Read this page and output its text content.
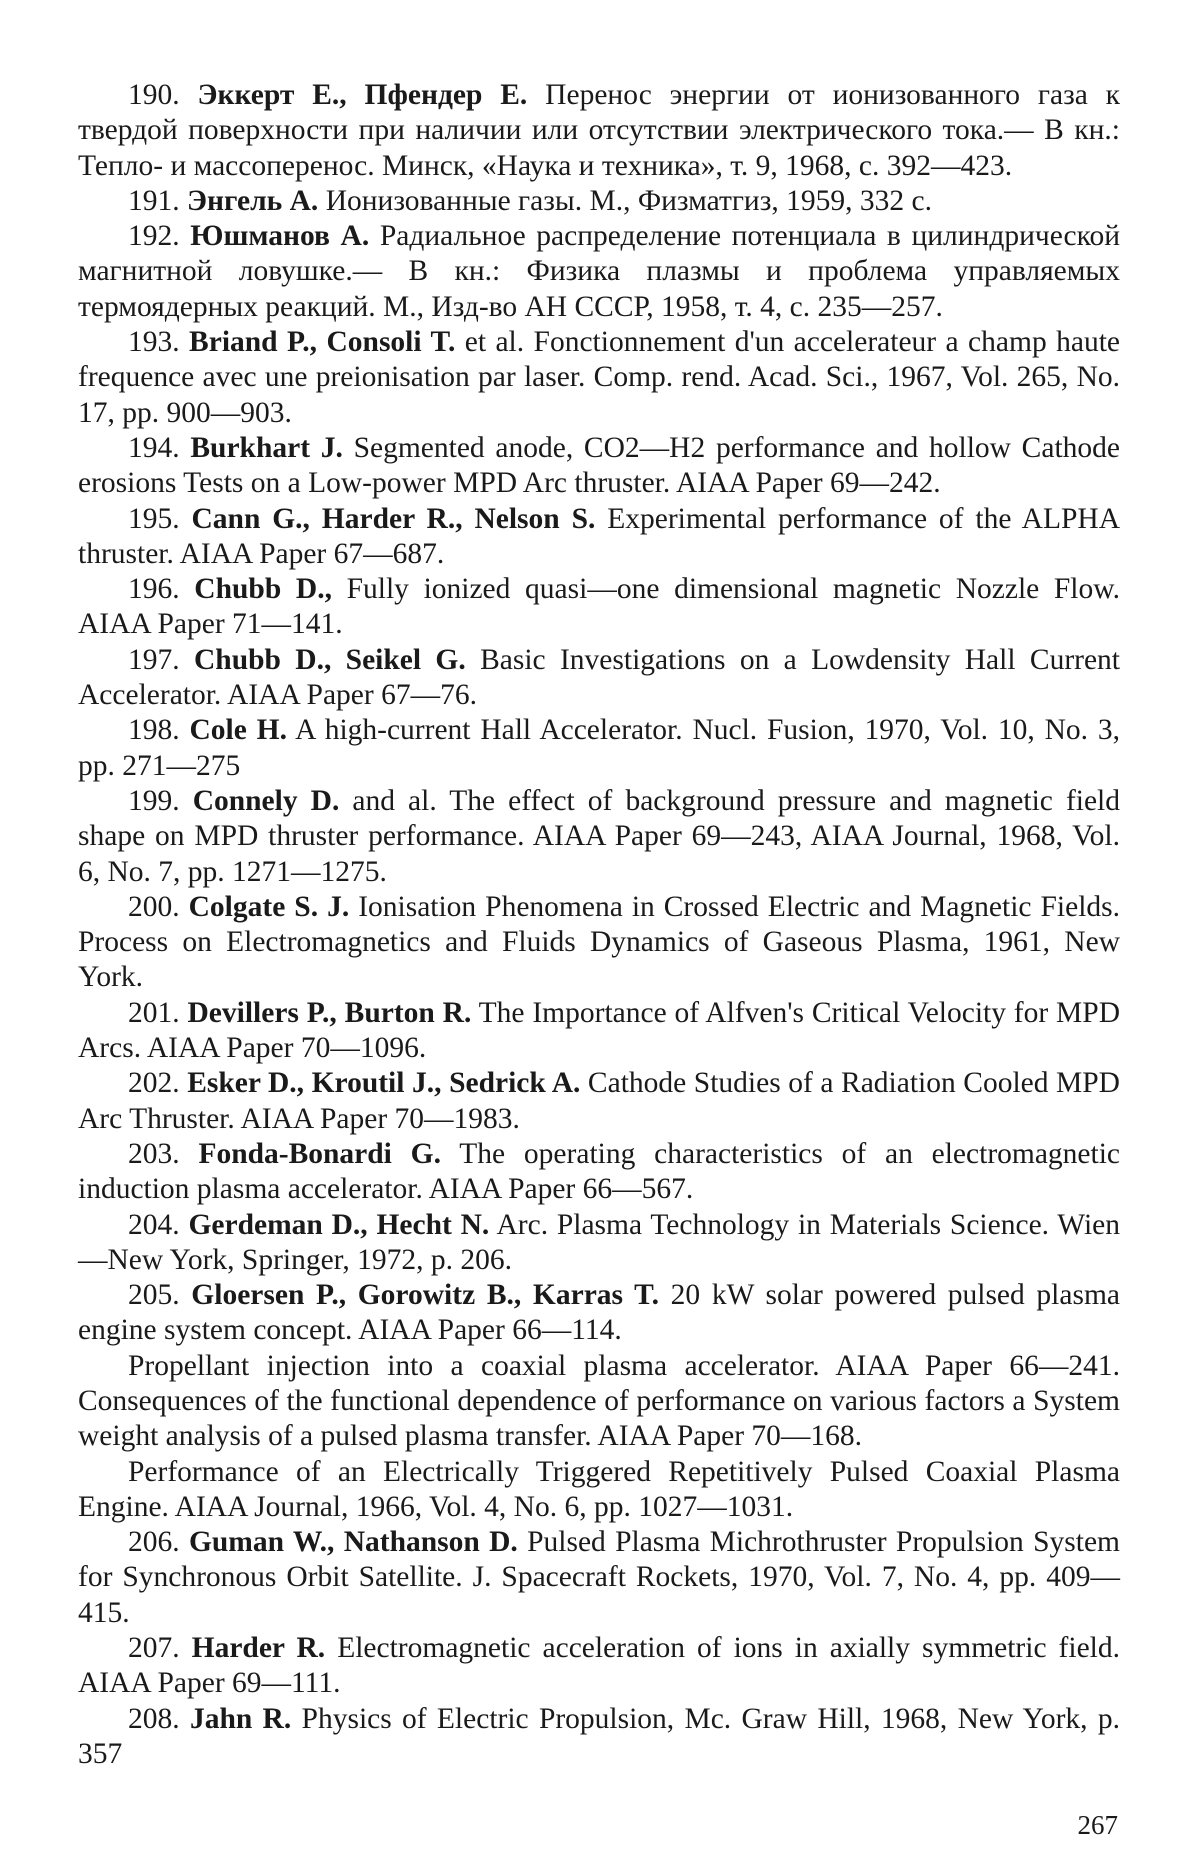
190. Эккерт Е., Пфендер Е. Перенос энергии от ионизованного газа к твердой поверхности при наличии или отсутствии электрического тока.— В кн.: Тепло- и массоперенос. Минск, «Наука и техника», т. 9, 1968, с. 392—423.

191. Энгель А. Ионизованные газы. М., Физматгиз, 1959, 332 с.

192. Юшманов А. Радиальное распределение потенциала в цилиндрической магнитной ловушке.— В кн.: Физика плазмы и проблема управляемых термоядерных реакций. М., Изд-во АН СССР, 1958, т. 4, с. 235—257.

193. Briand P., Consoli T. et al. Fonctionnement d'un accelerateur a champ haute frequence avec une preionisation par laser. Comp. rend. Acad. Sci., 1967, Vol. 265, No. 17, pp. 900—903.

194. Burkhart J. Segmented anode, CO2—H2 performance and hollow Cathode erosions Tests on a Low-power MPD Arc thruster. AIAA Paper 69—242.

195. Cann G., Harder R., Nelson S. Experimental performance of the ALPHA thruster. AIAA Paper 67—687.

196. Chubb D., Fully ionized quasi—one dimensional magnetic Nozzle Flow. AIAA Paper 71—141.

197. Chubb D., Seikel G. Basic Investigations on a Lowdensity Hall Current Accelerator. AIAA Paper 67—76.

198. Cole H. A high-current Hall Accelerator. Nucl. Fusion, 1970, Vol. 10, No. 3, pp. 271—275

199. Connely D. and al. The effect of background pressure and magnetic field shape on MPD thruster performance. AIAA Paper 69—243, AIAA Journal, 1968, Vol. 6, No. 7, pp. 1271—1275.

200. Colgate S. J. Ionisation Phenomena in Crossed Electric and Magnetic Fields. Process on Electromagnetics and Fluids Dynamics of Gaseous Plasma, 1961, New York.

201. Devillers P., Burton R. The Importance of Alfven's Critical Velocity for MPD Arcs. AIAA Paper 70—1096.

202. Esker D., Kroutil J., Sedrick A. Cathode Studies of a Radiation Cooled MPD Arc Thruster. AIAA Paper 70—1983.

203. Fonda-Bonardi G. The operating characteristics of an electromagnetic induction plasma accelerator. AIAA Paper 66—567.

204. Gerdeman D., Hecht N. Arc. Plasma Technology in Materials Science. Wien—New York, Springer, 1972, p. 206.

205. Gloersen P., Gorowitz B., Karras T. 20 kW solar powered pulsed plasma engine system concept. AIAA Paper 66—114.

Propellant injection into a coaxial plasma accelerator. AIAA Paper 66—241. Consequences of the functional dependence of performance on various factors a System weight analysis of a pulsed plasma transfer. AIAA Paper 70—168.

Performance of an Electrically Triggered Repetitively Pulsed Coaxial Plasma Engine. AIAA Journal, 1966, Vol. 4, No. 6, pp. 1027—1031.

206. Guman W., Nathanson D. Pulsed Plasma Michrothruster Propulsion System for Synchronous Orbit Satellite. J. Spacecraft Rockets, 1970, Vol. 7, No. 4, pp. 409—415.

207. Harder R. Electromagnetic acceleration of ions in axially symmetric field. AIAA Paper 69—111.

208. Jahn R. Physics of Electric Propulsion, Mc. Graw Hill, 1968, New York, p. 357

267
